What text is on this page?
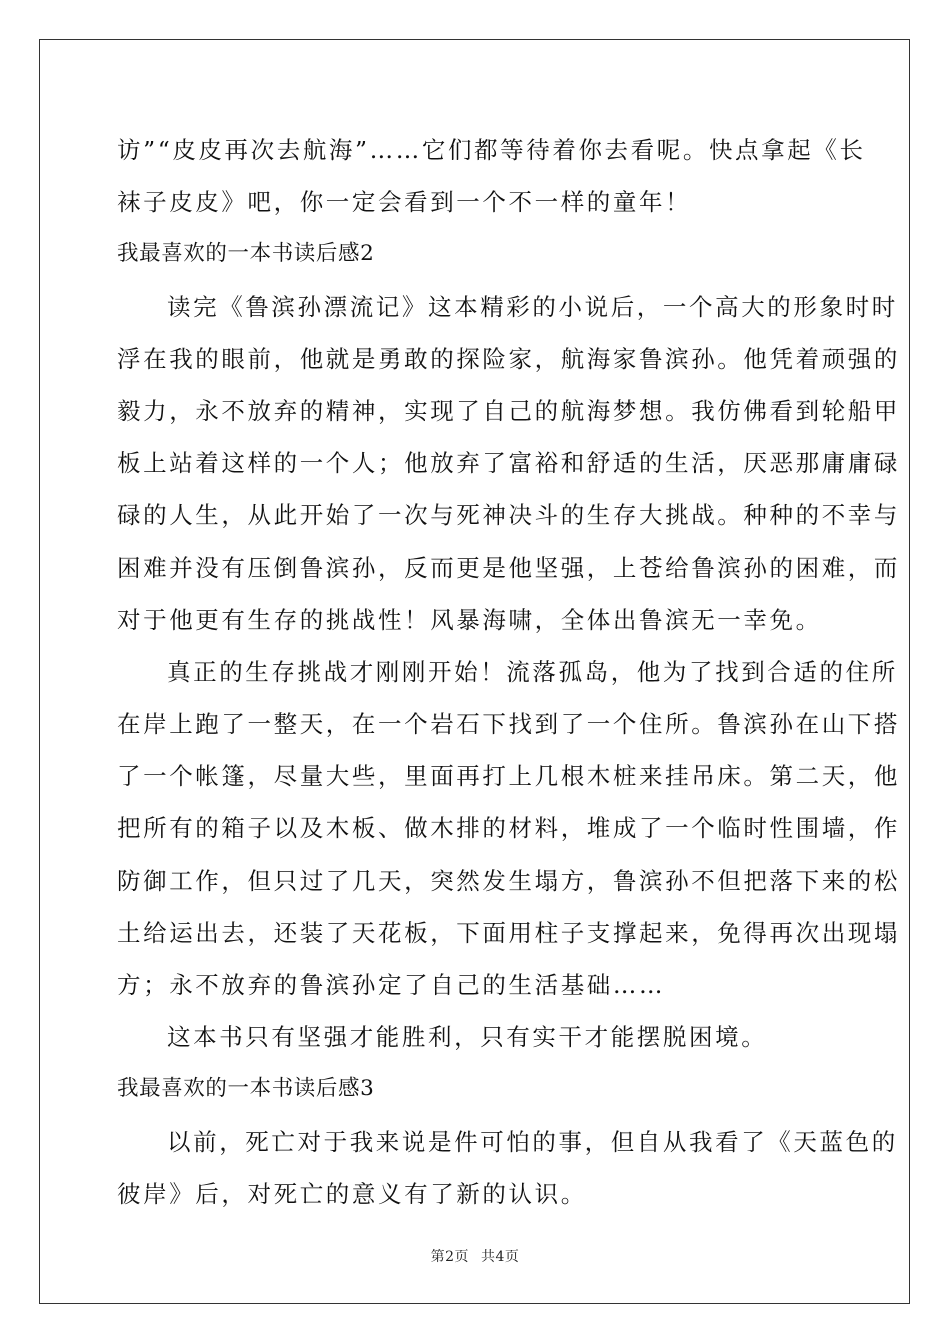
访”“皮皮再次去航海”……它们都等待着你去看呢。快点拿起《长
袜子皮皮》吧，你一定会看到一个不一样的童年！
我最喜欢的一本书读后感2
读完《鲁滨孙漂流记》这本精彩的小说后，一个高大的形象时时
浮在我的眼前，他就是勇敢的探险家，航海家鲁滨孙。他凭着顽强的
毅力，永不放弃的精神，实现了自己的航海梦想。我仿佛看到轮船甲
板上站着这样的一个人；他放弃了富裕和舒适的生活，厌恶那庸庸碌
碌的人生，从此开始了一次与死神决斗的生存大挑战。种种的不幸与
困难并没有压倒鲁滨孙，反而更是他坚强，上苍给鲁滨孙的困难，而
对于他更有生存的挑战性！风暴海啸，全体出鲁滨无一幸免。
真正的生存挑战才刚刚开始！流落孤岛，他为了找到合适的住所
在岸上跑了一整天，在一个岩石下找到了一个住所。鲁滨孙在山下搭
了一个帐篷，尽量大些，里面再打上几根木桩来挂吊床。第二天，他
把所有的箱子以及木板、做木排的材料，堆成了一个临时性围墙，作
防御工作，但只过了几天，突然发生塌方，鲁滨孙不但把落下来的松
土给运出去，还装了天花板，下面用柱子支撑起来，免得再次出现塌
方；永不放弃的鲁滨孙定了自己的生活基础……
这本书只有坚强才能胜利，只有实干才能摆脱困境。
我最喜欢的一本书读后感3
以前，死亡对于我来说是件可怕的事，但自从我看了《天蓝色的
彼岸》后，对死亡的意义有了新的认识。
第2页 共4页
